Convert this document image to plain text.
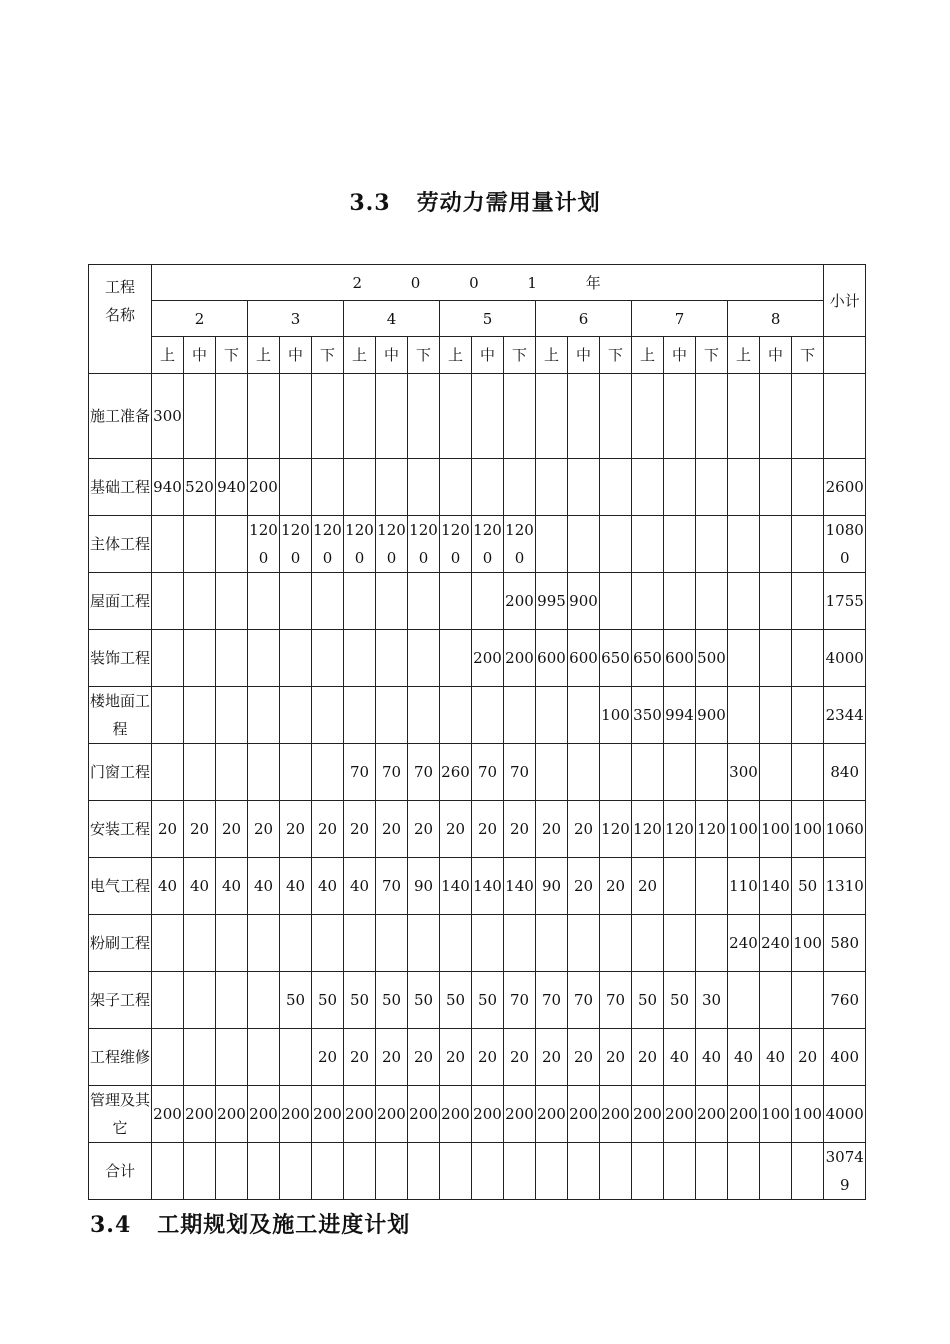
3.3 劳动力需用量计划
工程名称	2 0 0 1 年																					小计	
	2			3			4			5			6			7			8				
	上	中	下	上	中	下	上	中	下	上	中	下	上	中	下	上	中	下	上	中	下		
施工准备	300																						
基础工程	940	520	940	200																		2600	
主体工程				1200	1200	1200	1200	1200	1200	1200	1200	1200										10800	
屋面工程												200	995	900								1755	
装饰工程											200	200	600	600	650	650	600	500				4000	
楼地面工程															100	350	994	900				2344	
门窗工程							70	70	70	260	70	70							300			840	
安装工程	20	20	20	20	20	20	20	20	20	20	20	20	20	20	120	120	120	120	100	100	100	1060	
电气工程	40	40	40	40	40	40	40	70	90	140	140	140	90	20	20	20			110	140	50	1310	
粉刷工程																			240	240	100	580	
架子工程					50	50	50	50	50	50	50	70	70	70	70	50	50	30				760	
工程维修						20	20	20	20	20	20	20	20	20	20	20	40	40	40	40	20	400	
管理及其它	200	200	200	200	200	200	200	200	200	200	200	200	200	200	200	200	200	200	200	100	100	4000	
合计																						30749	
3.4 工期规划及施工进度计划
